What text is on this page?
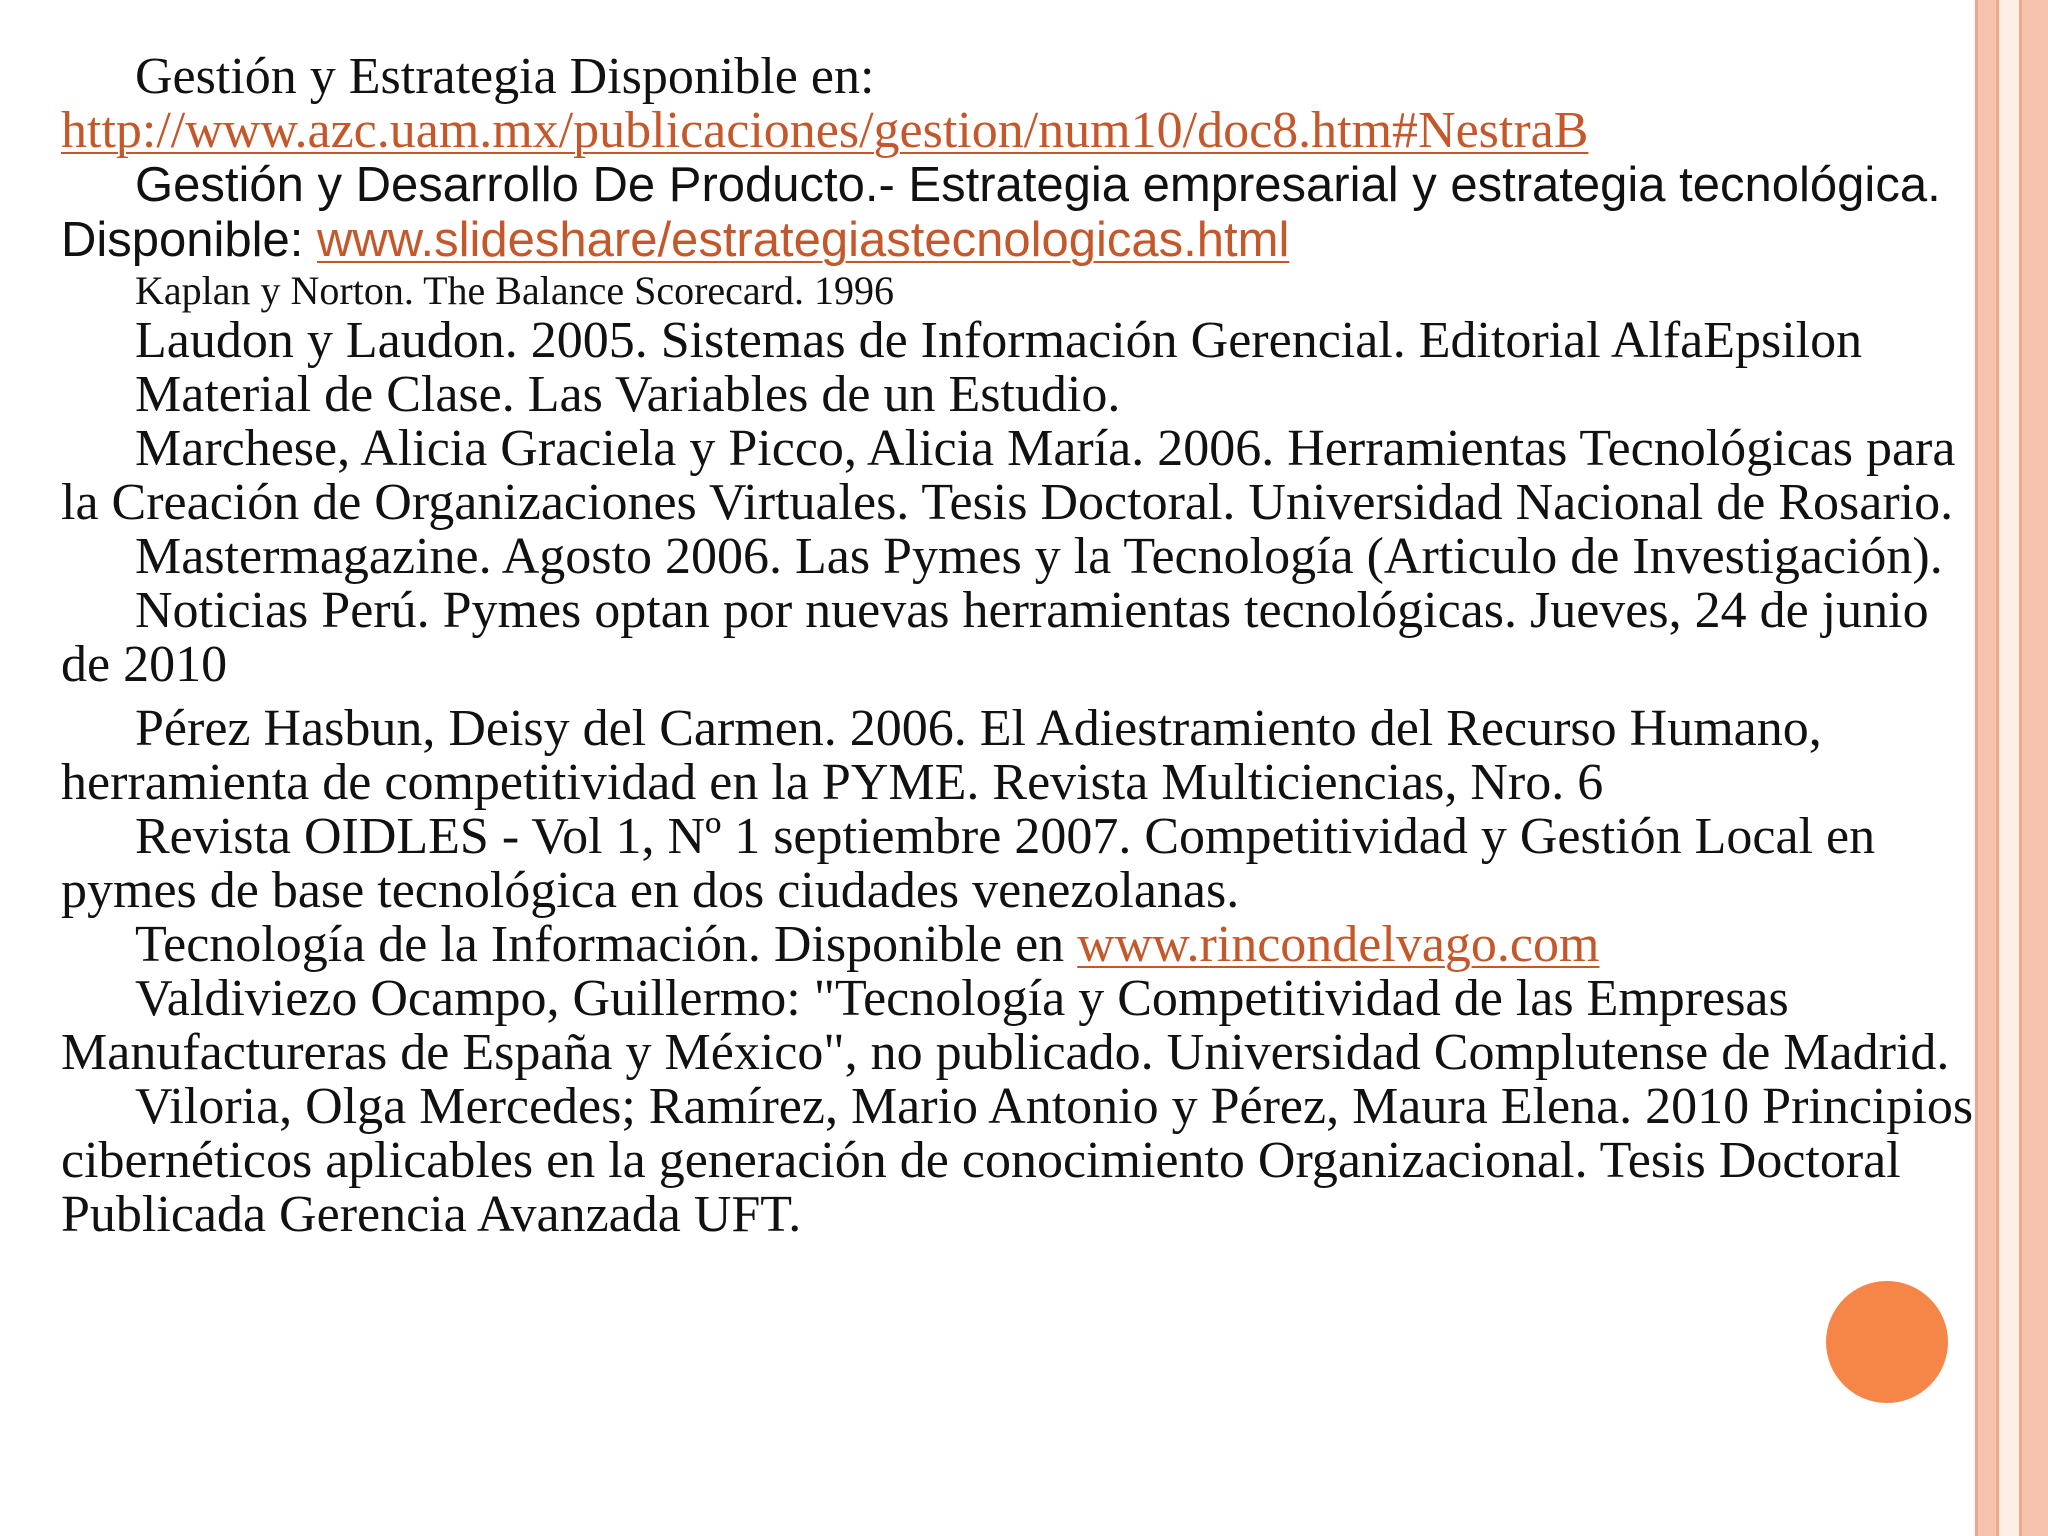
Gestión y Estrategia Disponible en:

http://www.azc.uam.mx/publicaciones/gestion/num10/doc8.htm#NestraB

Gestión y Desarrollo De Producto.- Estrategia empresarial y estrategia tecnológica. Disponible: www.slideshare/estrategiastecnologicas.html

Kaplan y Norton. The Balance Scorecard. 1996

Laudon y Laudon. 2005. Sistemas de Información Gerencial. Editorial AlfaEpsilon

Material de Clase. Las Variables de un Estudio.

Marchese, Alicia Graciela y Picco, Alicia María. 2006. Herramientas Tecnológicas para la Creación de Organizaciones Virtuales. Tesis Doctoral. Universidad Nacional de Rosario.

Mastermagazine. Agosto 2006. Las Pymes y la Tecnología (Articulo de Investigación).

Noticias Perú. Pymes optan por nuevas herramientas tecnológicas. Jueves, 24 de junio de 2010

Pérez Hasbun, Deisy del Carmen. 2006. El Adiestramiento del Recurso Humano, herramienta de competitividad en la PYME. Revista Multiciencias, Nro. 6

Revista OIDLES - Vol 1, Nº 1 septiembre 2007. Competitividad y Gestión Local en pymes de base tecnológica en dos ciudades venezolanas.

Tecnología de la Información. Disponible en www.rincondelvago.com

Valdiviezo Ocampo, Guillermo: "Tecnología y Competitividad de las Empresas Manufactureras de España y México", no publicado. Universidad Complutense de Madrid.

Viloria, Olga Mercedes; Ramírez, Mario Antonio y Pérez, Maura Elena. 2010 Principios cibernéticos aplicables en la generación de conocimiento Organizacional. Tesis Doctoral Publicada Gerencia Avanzada UFT.
